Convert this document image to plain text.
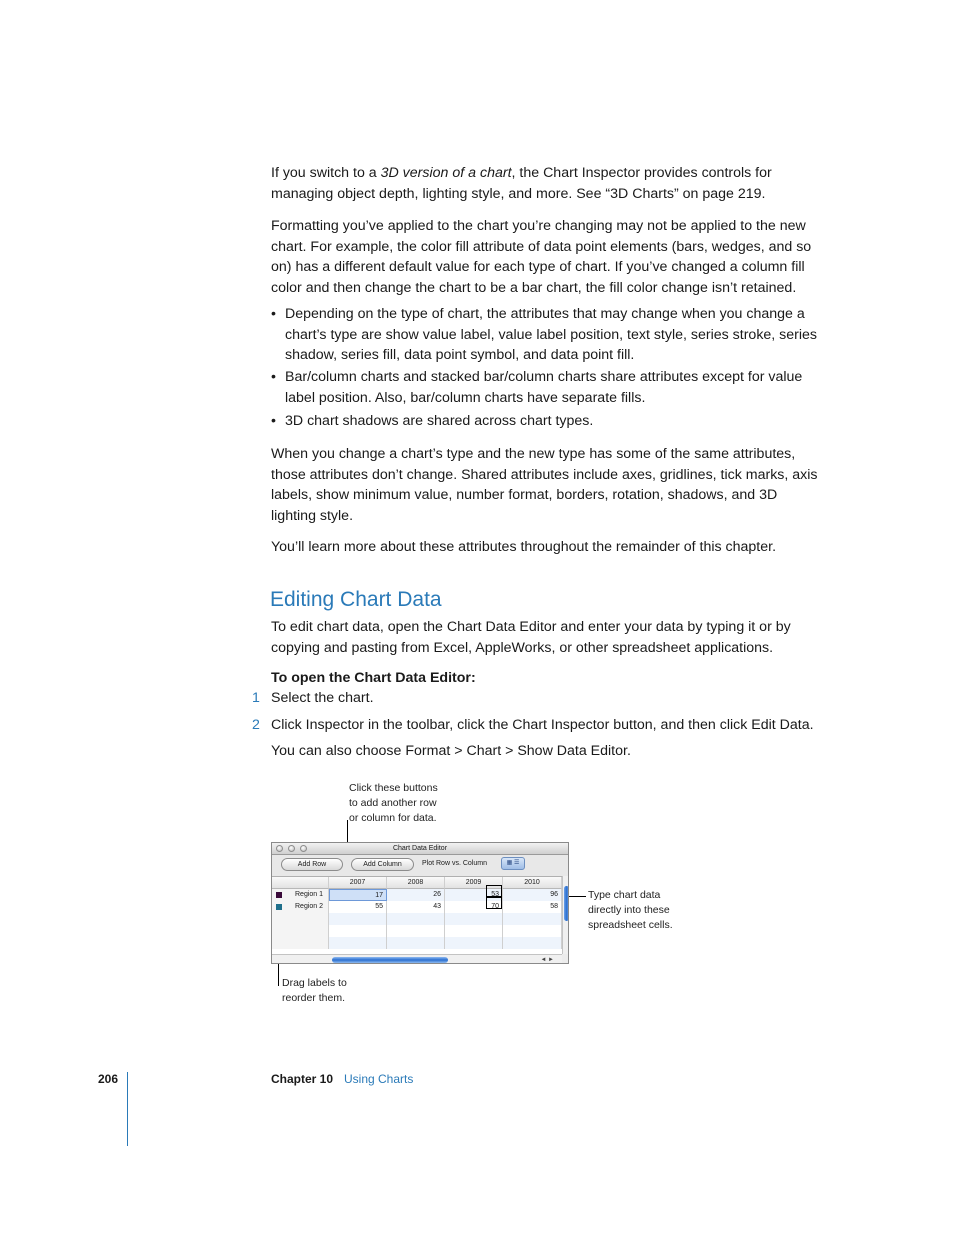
If you switch to a 3D version of a chart, the Chart Inspector provides controls for managing object depth, lighting style, and more. See “3D Charts” on page 219.

Formatting you’ve applied to the chart you’re changing may not be applied to the new chart. For example, the color fill attribute of data point elements (bars, wedges, and so on) has a different default value for each type of chart. If you’ve changed a column fill color and then change the chart to be a bar chart, the fill color change isn’t retained.

• Depending on the type of chart, the attributes that may change when you change a chart’s type are show value label, value label position, text style, series stroke, series shadow, series fill, data point symbol, and data point fill.
• Bar/column charts and stacked bar/column charts share attributes except for value label position. Also, bar/column charts have separate fills.
• 3D chart shadows are shared across chart types.

When you change a chart’s type and the new type has some of the same attributes, those attributes don’t change. Shared attributes include axes, gridlines, tick marks, axis labels, show minimum value, number format, borders, rotation, shadows, and 3D lighting style.

You’ll learn more about these attributes throughout the remainder of this chapter.

Editing Chart Data

To edit chart data, open the Chart Data Editor and enter your data by typing it or by copying and pasting from Excel, AppleWorks, or other spreadsheet applications.

To open the Chart Data Editor:

1 Select the chart.
2 Click Inspector in the toolbar, click the Chart Inspector button, and then click Edit Data.
You can also choose Format > Chart > Show Data Editor.
Click these buttons
to add another row
or column for data.
Type chart data
directly into these
spreadsheet cells.
Drag labels to
reorder them.
Chart Data Editor
Add Row	Add Column	Plot Row vs. Column	▦ ☰
2007	2008	2009	2010
Region 1	17	26	53	96
Region 2	55	43	70	58
◄ ►
206	Chapter 10 Using Charts
